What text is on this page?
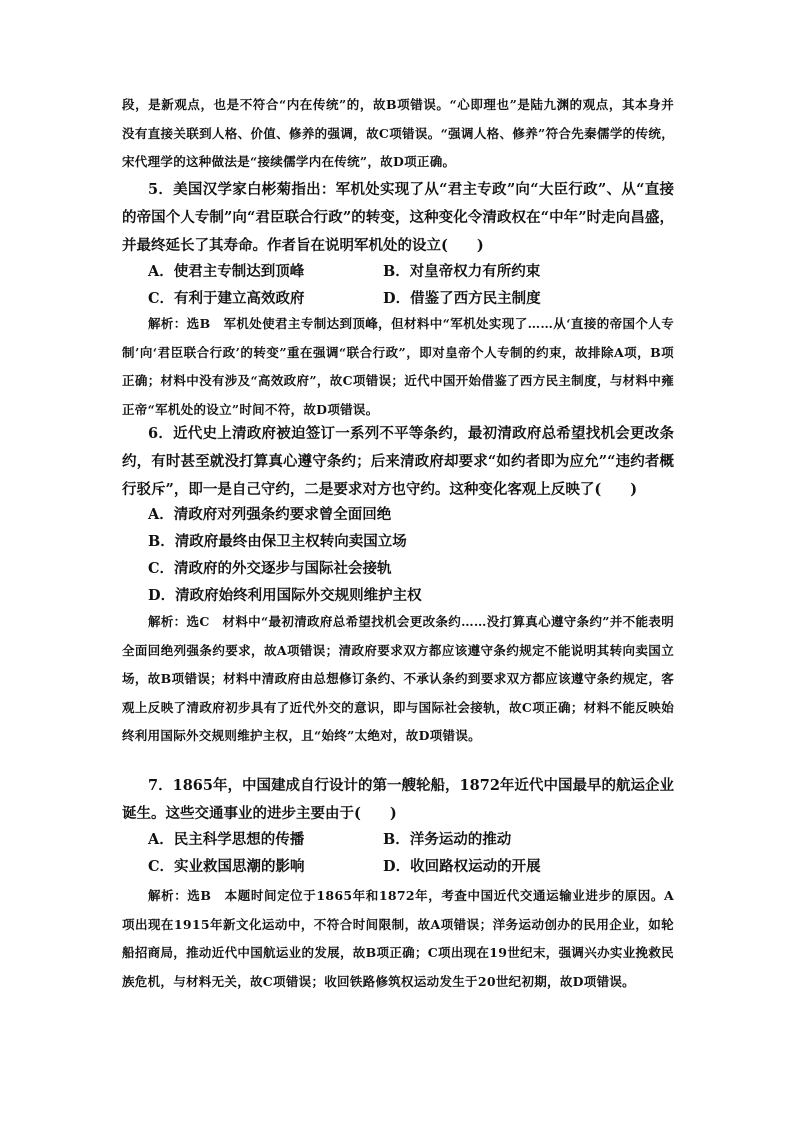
段，是新观点，也是不符合“内在传统”的，故B项错误。“心即理也”是陆九渊的观点，其本身并没有直接关联到人格、价值、修养的强调，故C项错误。“强调人格、修养”符合先秦儒学的传统，宋代理学的这种做法是“接续儒学内在传统”，故D项正确。
5．美国汉学家白彬菊指出：军机处实现了从“君主专政”向“大臣行政”、从“直接的帝国个人专制”向“君臣联合行政”的转变，这种变化令清政权在“中年”时走向昌盛，并最终延长了其寿命。作者旨在说明军机处的设立(　　)
A．使君主专制达到顶峰	B．对皇帝权力有所约束
C．有利于建立高效政府	D．借鉴了西方民主制度
解析：选B　 军机处使君主专制达到顶峰，但材料中“军机处实现了……从‘直接的帝国个人专制’向‘君臣联合行政’的转变”重在强调“联合行政”，即对皇帝个人专制的约束，故排除A项，B项正确；材料中没有涉及“高效政府”，故C项错误；近代中国开始借鉴了西方民主制度，与材料中雍正帝“军机处的设立”时间不符，故D项错误。
6．近代史上清政府被迫签订一系列不平等条约，最初清政府总希望找机会更改条约，有时甚至就没打算真心遵守条约；后来清政府却要求“如约者即为应允”“违约者概行驳斥”，即一是自己守约，二是要求对方也守约。这种变化客观上反映了(　　)
A．清政府对列强条约要求曾全面回绝
B．清政府最终由保卫主权转向卖国立场
C．清政府的外交逐步与国际社会接轨
D．清政府始终利用国际外交规则维护主权
解析：选C　 材料中“最初清政府总希望找机会更改条约……没打算真心遵守条约”并不能表明全面回绝列强条约要求，故A项错误；清政府要求双方都应该遵守条约规定不能说明其转向卖国立场，故B项错误；材料中清政府由总想修订条约、不承认条约到要求双方都应该遵守条约规定，客观上反映了清政府初步具有了近代外交的意识，即与国际社会接轨，故C项正确；材料不能反映始终利用国际外交规则维护主权，且“始终”太绝对，故D项错误。
7．1865年，中国建成自行设计的第一艘轮船，1872年近代中国最早的航运企业诞生。这些交通事业的进步主要由于(　　)
A．民主科学思想的传播	B．洋务运动的推动
C．实业救国思潮的影响	D．收回路权运动的开展
解析：选B　 本题时间定位于1865年和1872年，考查中国近代交通运输业进步的原因。A项出现在1915年新文化运动中，不符合时间限制，故A项错误；洋务运动创办的民用企业，如轮船招商局，推动近代中国航运业的发展，故B项正确；C项出现在19世纪末，强调兴办实业挽救民族危机，与材料无关，故C项错误；收回铁路修筑权运动发生于20世纪初期，故D项错误。
